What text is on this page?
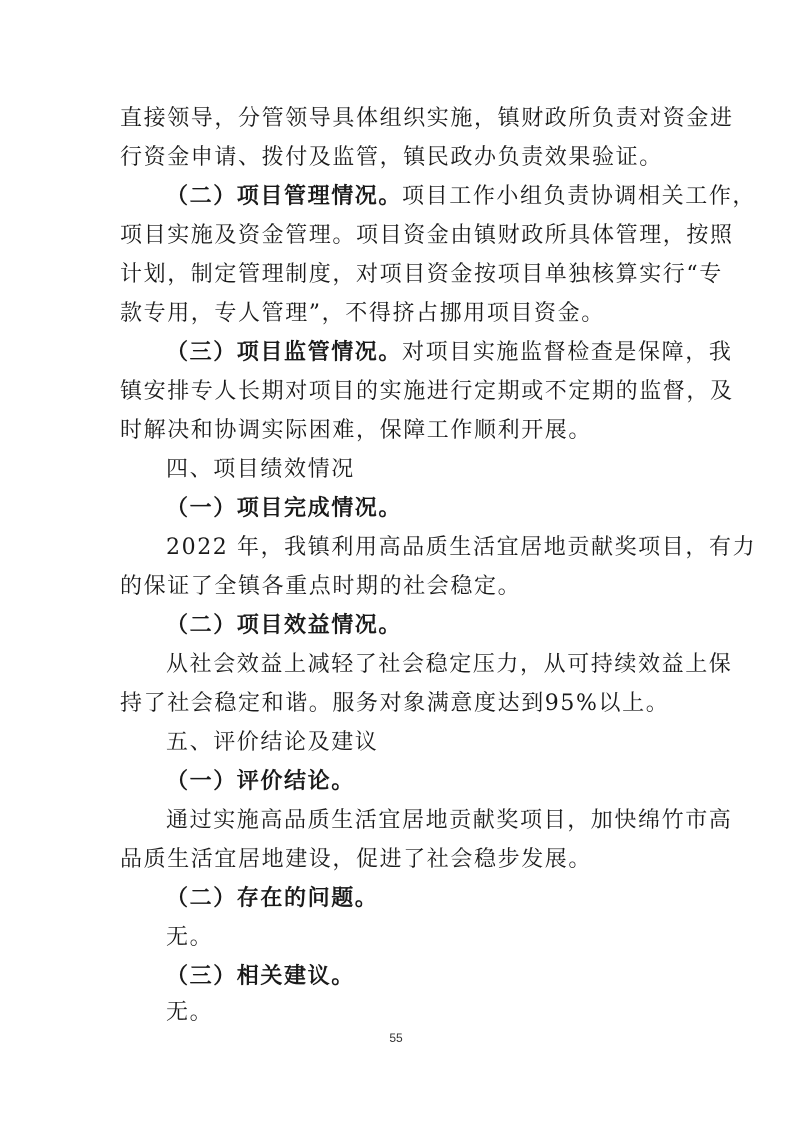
直接领导，分管领导具体组织实施，镇财政所负责对资金进
行资金申请、拨付及监管，镇民政办负责效果验证。
（二）项目管理情况。项目工作小组负责协调相关工作，
项目实施及资金管理。项目资金由镇财政所具体管理，按照
计划，制定管理制度，对项目资金按项目单独核算实行“专
款专用，专人管理”，不得挤占挪用项目资金。
（三）项目监管情况。对项目实施监督检查是保障，我
镇安排专人长期对项目的实施进行定期或不定期的监督，及
时解决和协调实际困难，保障工作顺利开展。
四、项目绩效情况
（一）项目完成情况。
2022 年，我镇利用高品质生活宜居地贡献奖项目，有力
的保证了全镇各重点时期的社会稳定。
（二）项目效益情况。
从社会效益上减轻了社会稳定压力，从可持续效益上保
持了社会稳定和谐。服务对象满意度达到95%以上。
五、评价结论及建议
（一）评价结论。
通过实施高品质生活宜居地贡献奖项目，加快绵竹市高
品质生活宜居地建设，促进了社会稳步发展。
（二）存在的问题。
无。
（三）相关建议。
无。
55
